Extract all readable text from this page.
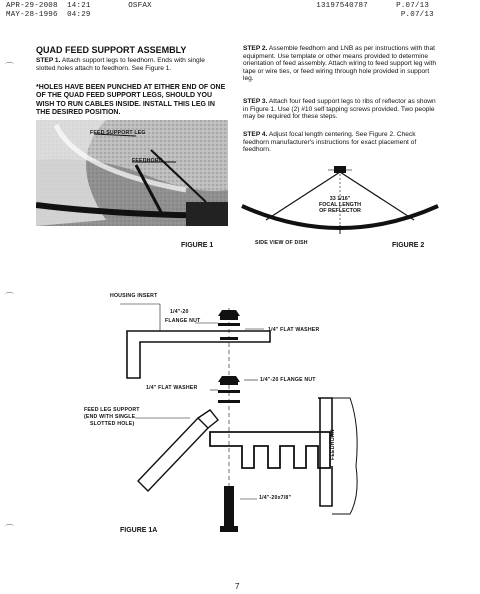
APR-29-2008  14:21        OSFAX                                   13197540787      P.07/13
MAY-28-1996  04:29                                                                  P.07/13
⌒
⌒
⌒
QUAD FEED SUPPORT ASSEMBLY
STEP 1. Attach support legs to feedhorn. Ends with single slotted holes attach to feedhorn. See Figure 1.
*HOLES HAVE BEEN PUNCHED AT EITHER END OF ONE OF THE QUAD FEED SUPPORT LEGS, SHOULD YOU WISH TO RUN CABLES INSIDE. INSTALL THIS LEG IN THE DESIRED POSITION.
FEED SUPPORT LEG
FEEDHORN
FIGURE 1
STEP 2. Assemble feedhorn and LNB as per instructions with that equipment. Use template or other means provided to determine orientation of feed assembly. Attach wiring to feed support leg with tape or wire ties, or feed wiring through hole provided in support leg.
STEP 3. Attach four feed support legs to ribs of reflector as shown in Figure 1. Use (2) #10 self tapping screws provided. Two people may be required for these steps.
STEP 4. Adjust focal length centering. See Figure 2. Check feedhorn manufacturer's instructions for exact placement of feedhorn.
33 1/16"
FOCAL LENGTH
OF REFLECTOR
SIDE VIEW OF DISH	FIGURE 2
HOUSING INSERT
1/4"-20
FLANGE NUT
1/4" FLAT WASHER
1/4" FLAT WASHER
1/4"-20 FLANGE NUT
FEED LEG SUPPORT
(END WITH SINGLE
SLOTTED HOLE)
FEEDHORN
1/4"-20x7/8"
FIGURE 1A
7
